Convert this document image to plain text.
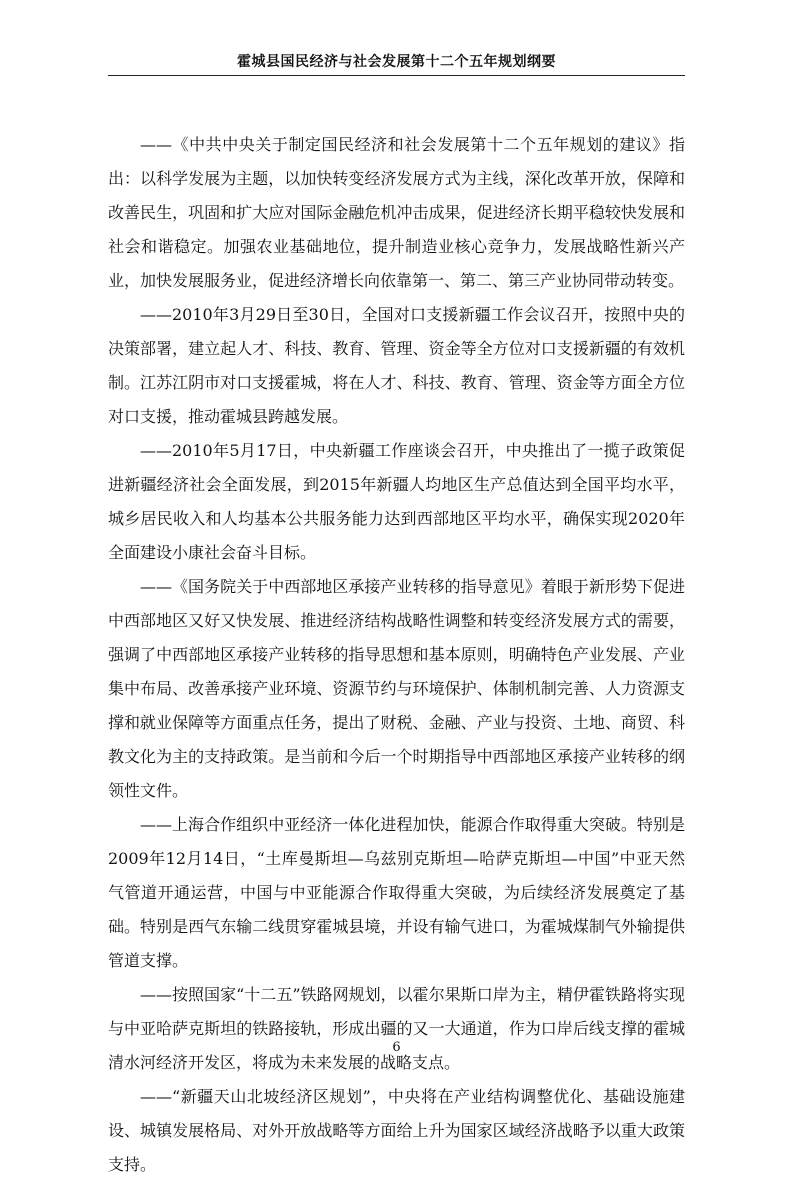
霍城县国民经济与社会发展第十二个五年规划纲要

——《中共中央关于制定国民经济和社会发展第十二个五年规划的建议》指出：以科学发展为主题，以加快转变经济发展方式为主线，深化改革开放，保障和改善民生，巩固和扩大应对国际金融危机冲击成果，促进经济长期平稳较快发展和社会和谐稳定。加强农业基础地位，提升制造业核心竞争力，发展战略性新兴产业，加快发展服务业，促进经济增长向依靠第一、第二、第三产业协同带动转变。

——2010年3月29日至30日，全国对口支援新疆工作会议召开，按照中央的决策部署，建立起人才、科技、教育、管理、资金等全方位对口支援新疆的有效机制。江苏江阴市对口支援霍城，将在人才、科技、教育、管理、资金等方面全方位对口支援，推动霍城县跨越发展。

——2010年5月17日，中央新疆工作座谈会召开，中央推出了一揽子政策促进新疆经济社会全面发展，到2015年新疆人均地区生产总值达到全国平均水平，城乡居民收入和人均基本公共服务能力达到西部地区平均水平，确保实现2020年全面建设小康社会奋斗目标。

——《国务院关于中西部地区承接产业转移的指导意见》着眼于新形势下促进中西部地区又好又快发展、推进经济结构战略性调整和转变经济发展方式的需要，强调了中西部地区承接产业转移的指导思想和基本原则，明确特色产业发展、产业集中布局、改善承接产业环境、资源节约与环境保护、体制机制完善、人力资源支撑和就业保障等方面重点任务，提出了财税、金融、产业与投资、土地、商贸、科教文化为主的支持政策。是当前和今后一个时期指导中西部地区承接产业转移的纲领性文件。

——上海合作组织中亚经济一体化进程加快，能源合作取得重大突破。特别是2009年12月14日，“土库曼斯坦—乌兹别克斯坦—哈萨克斯坦—中国”中亚天然气管道开通运营，中国与中亚能源合作取得重大突破，为后续经济发展奠定了基础。特别是西气东输二线贯穿霍城县境，并设有输气进口，为霍城煤制气外输提供管道支撑。

——按照国家“十二五”铁路网规划，以霍尔果斯口岸为主，精伊霍铁路将实现与中亚哈萨克斯坦的铁路接轨，形成出疆的又一大通道，作为口岸后线支撑的霍城清水河经济开发区，将成为未来发展的战略支点。

——“新疆天山北坡经济区规划”，中央将在产业结构调整优化、基础设施建设、城镇发展格局、对外开放战略等方面给上升为国家区域经济战略予以重大政策支持。

6
